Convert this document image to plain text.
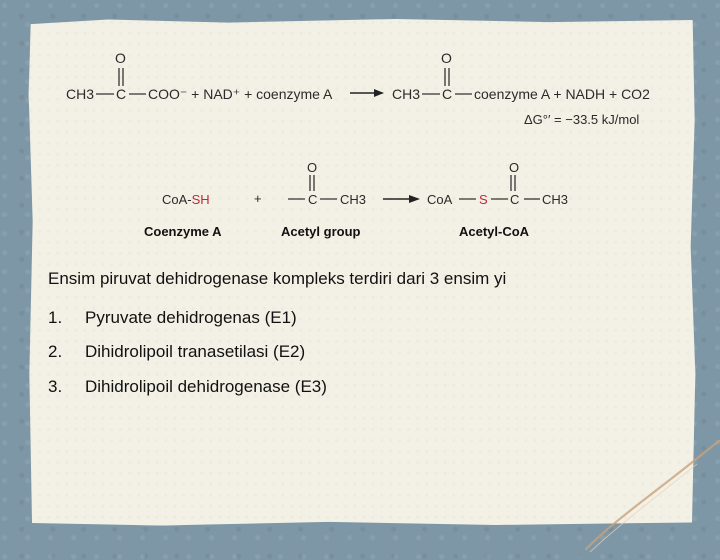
O
CH3 C COO⁻ + NAD⁺ + coenzyme A
O
CH3 C coenzyme A + NADH + CO2
ΔG°′ = −33.5 kJ/mol
CoA-SH	+
O
C CH3	CoA S
O
C CH3
Coenzyme A	Acetyl group	Acetyl-CoA
Ensim piruvat dehidrogenase kompleks terdiri dari 3 ensim yi
1. Pyruvate dehidrogenas (E1)
2. Dihidrolipoil tranasetilasi (E2)
3. Dihidrolipoil dehidrogenase (E3)
